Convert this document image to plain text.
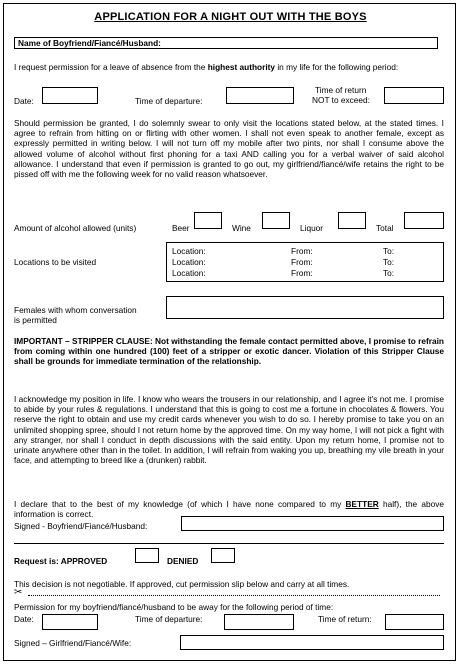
APPLICATION FOR A NIGHT OUT WITH THE BOYS
Name of Boyfriend/Fiancé/Husband:
I request permission for a leave of absence from the highest authority in my life for the following period:
Date:	Time of departure:
Time of return
NOT to exceed:
Should permission be granted, I do solemnly swear to only visit the locations stated below, at the stated times. I agree to refrain from hitting on or flirting with other women. I shall not even speak to another female, except as expressly permitted in writing below. I will not turn off my mobile after two pints, nor shall I consume above the allowed volume of alcohol without first phoning for a taxi AND calling you for a verbal waiver of said alcohol allowance. I understand that even if permission is granted to go out, my girlfriend/fiancé/wife retains the right to be pissed off with me the following week for no valid reason whatsoever.
Amount of alcohol allowed (units)	Beer	Wine	Liquor	Total
Locations to be visited
Location:	From:	To:
Location:	From:	To:
Location:	From:	To:
Females with whom conversation
is permitted
IMPORTANT – STRIPPER CLAUSE: Not withstanding the female contact permitted above, I promise to refrain from coming within one hundred (100) feet of a stripper or exotic dancer. Violation of this Stripper Clause shall be grounds for immediate termination of the relationship.
I acknowledge my position in life. I know who wears the trousers in our relationship, and I agree it's not me. I promise to abide by your rules & regulations. I understand that this is going to cost me a fortune in chocolates & flowers. You reserve the right to obtain and use my credit cards whenever you wish to do so. I hereby promise to take you on an unlimited shopping spree, should I not return home by the approved time. On my way home, I will not pick a fight with any stranger, nor shall I conduct in depth discussions with the said entity. Upon my return home, I promise not to urinate anywhere other than in the toilet. In addition, I will refrain from waking you up, breathing my vile breath in your face, and attempting to breed like a (drunken) rabbit.
I declare that to the best of my knowledge (of which I have none compared to my BETTER half), the above information is correct.
Signed - Boyfriend/Fiancé/Husband:
Request is: APPROVED	DENIED
This decision is not negotiable. If approved, cut permission slip below and carry at all times.
✂
Permission for my boyfriend/fiancé/husband to be away for the following period of time:
Date:	Time of departure:	Time of return:
Signed – Girlfriend/Fiancé/Wife:
